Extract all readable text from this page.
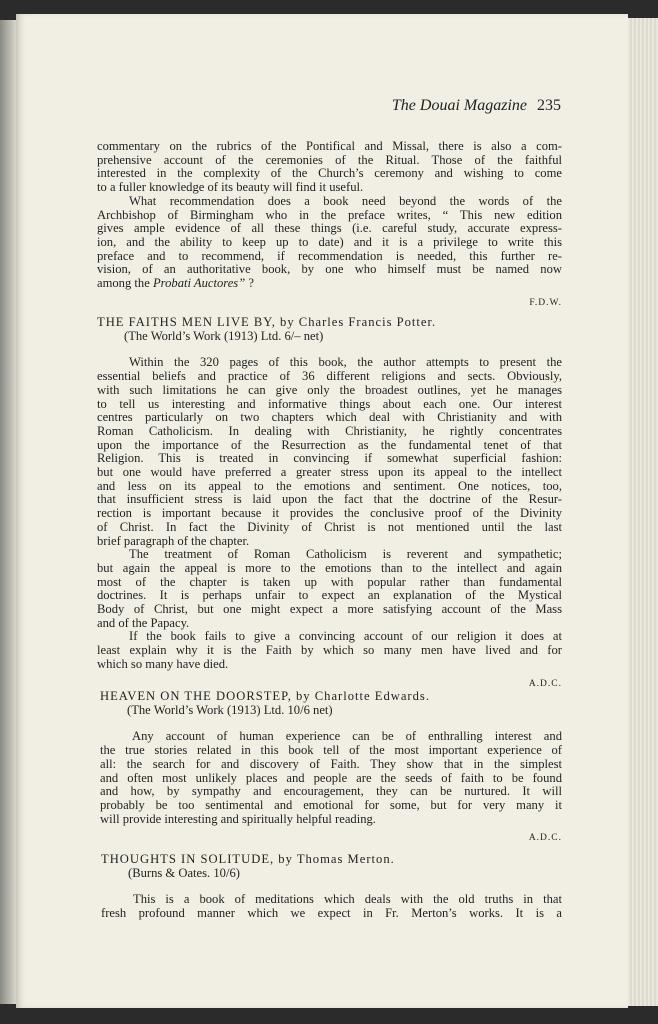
The Douai Magazine 235

commentary on the rubrics of the Pontifical and Missal, there is also a com-

prehensive account of the ceremonies of the Ritual. Those of the faithful

interested in the complexity of the Church’s ceremony and wishing to come

to a fuller knowledge of its beauty will find it useful.

What recommendation does a book need beyond the words of the

Archbishop of Birmingham who in the preface writes, “ This new edition

gives ample evidence of all these things (i.e. careful study, accurate express-

ion, and the ability to keep up to date) and it is a privilege to write this

preface and to recommend, if recommendation is needed, this further re-

vision, of an authoritative book, by one who himself must be named now

among the Probati Auctores” ?

F.D.W.

THE FAITHS MEN LIVE BY, by Charles Francis Potter.

(The World’s Work (1913) Ltd. 6/– net)

Within the 320 pages of this book, the author attempts to present the

essential beliefs and practice of 36 different religions and sects. Obviously,

with such limitations he can give only the broadest outlines, yet he manages

to tell us interesting and informative things about each one. Our interest

centres particularly on two chapters which deal with Christianity and with

Roman Catholicism. In dealing with Christianity, he rightly concentrates

upon the importance of the Resurrection as the fundamental tenet of that

Religion. This is treated in convincing if somewhat superficial fashion:

but one would have preferred a greater stress upon its appeal to the intellect

and less on its appeal to the emotions and sentiment. One notices, too,

that insufficient stress is laid upon the fact that the doctrine of the Resur-

rection is important because it provides the conclusive proof of the Divinity

of Christ. In fact the Divinity of Christ is not mentioned until the last

brief paragraph of the chapter.

The treatment of Roman Catholicism is reverent and sympathetic;

but again the appeal is more to the emotions than to the intellect and again

most of the chapter is taken up with popular rather than fundamental

doctrines. It is perhaps unfair to expect an explanation of the Mystical

Body of Christ, but one might expect a more satisfying account of the Mass

and of the Papacy.

If the book fails to give a convincing account of our religion it does at

least explain why it is the Faith by which so many men have lived and for

which so many have died.

A.D.C.

HEAVEN ON THE DOORSTEP, by Charlotte Edwards.

(The World’s Work (1913) Ltd. 10/6 net)

Any account of human experience can be of enthralling interest and

the true stories related in this book tell of the most important experience of

all: the search for and discovery of Faith. They show that in the simplest

and often most unlikely places and people are the seeds of faith to be found

and how, by sympathy and encouragement, they can be nurtured. It will

probably be too sentimental and emotional for some, but for very many it

will provide interesting and spiritually helpful reading.

A.D.C.

THOUGHTS IN SOLITUDE, by Thomas Merton.

(Burns & Oates. 10/6)

This is a book of meditations which deals with the old truths in that

fresh profound manner which we expect in Fr. Merton’s works. It is a
